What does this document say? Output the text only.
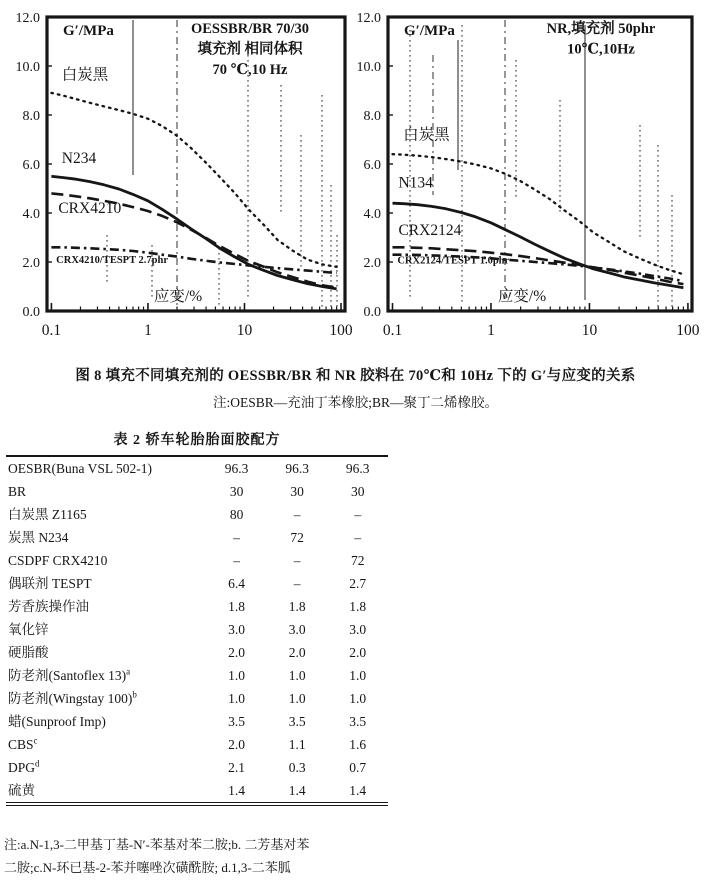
0.1	1	10	100
0.0
2.0
4.0
6.0
8.0
10.0
12.0
白炭黑
N234
CRX4210
CRX4210/TESPT 2.7phr
G′/MPa
应变/%
OESSBR/BR 70/30
填充剂 相同体积
70 ℃,10 Hz
0.1	1	10	100
0.0
2.0
4.0
6.0
8.0
10.0
12.0
白炭黑
N134
CRX2124
CRX2124/TESPT 1.0phr
G′/MPa
应变/%
NR,填充剂 50phr
10℃,10Hz
图 8 填充不同填充剂的 OESSBR/BR 和 NR 胶料在 70℃和 10Hz 下的 G′与应变的关系
注:OESBR—充油丁苯橡胶;BR—聚丁二烯橡胶。
表 2 轿车轮胎胎面胶配方
OESBR(Buna VSL 502-1)	96.3	96.3	96.3
BR	30	30	30
白炭黑 Z1165	80	–	–
炭黑 N234	–	72	–
CSDPF CRX4210	–	–	72
偶联剂 TESPT	6.4	–	2.7
芳香族操作油	1.8	1.8	1.8
氧化锌	3.0	3.0	3.0
硬脂酸	2.0	2.0	2.0
防老剂(Santoflex 13)$^a$	1.0	1.0	1.0
防老剂(Wingstay 100)$^b$	1.0	1.0	1.0
蜡(Sunproof Imp)	3.5	3.5	3.5
CBS$^c$	2.0	1.1	1.6
DPG$^d$	2.1	0.3	0.7
硫黄	1.4	1.4	1.4
注:a.N-1,3-二甲基丁基-N′-苯基对苯二胺;b. 二芳基对苯
二胺;c.N-环已基-2-苯并噻唑次磺酰胺; d.1,3-二苯胍
